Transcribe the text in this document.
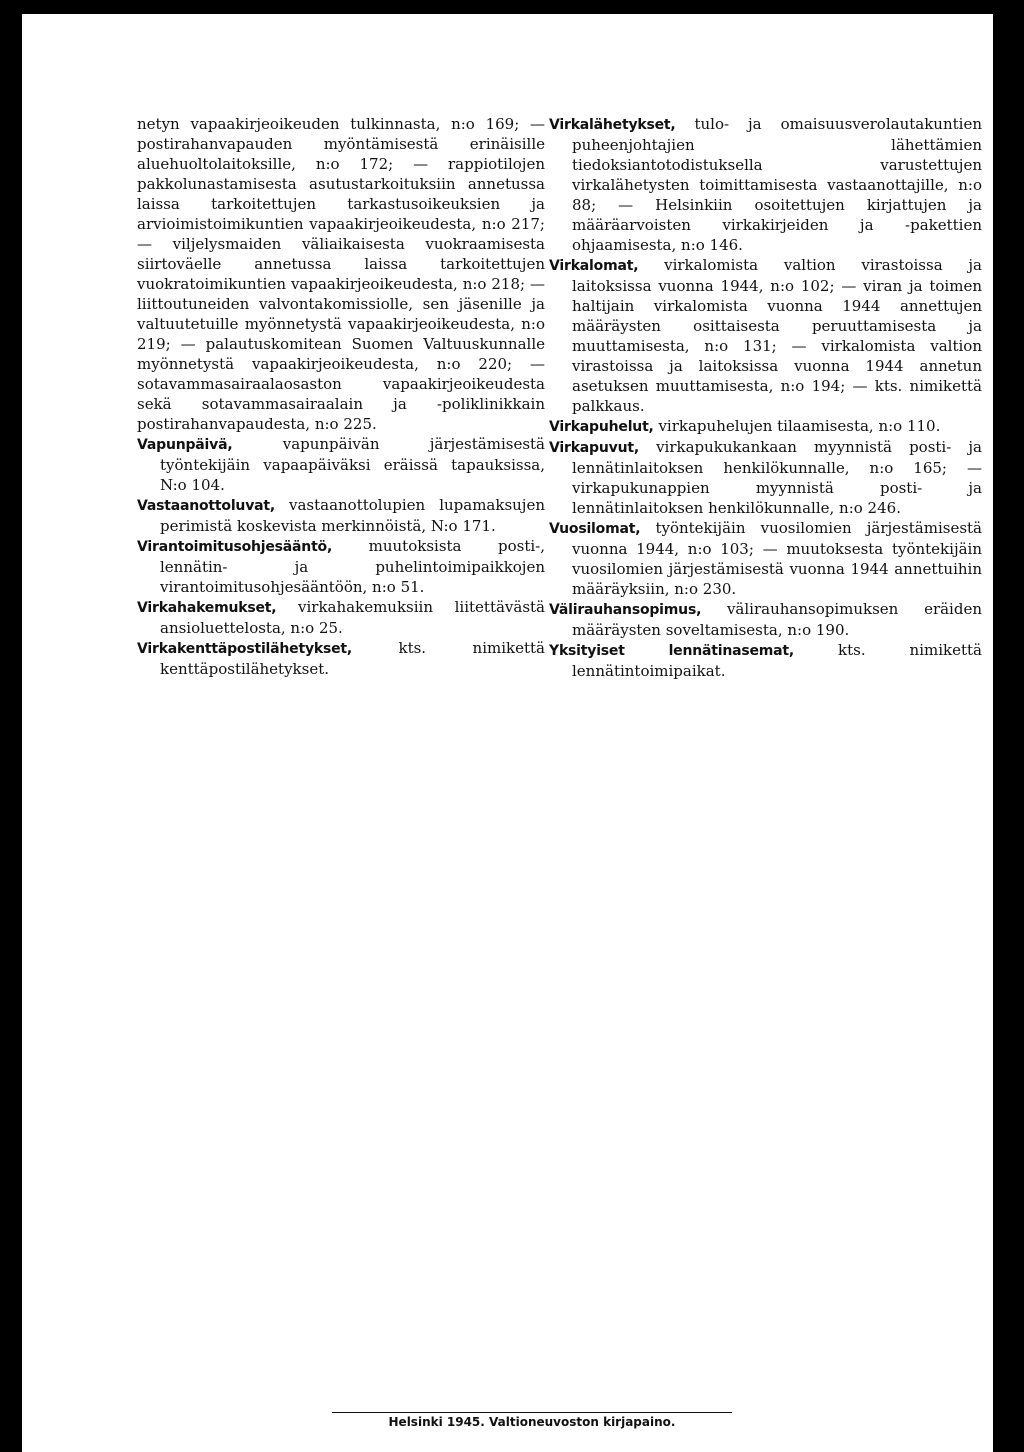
netyn vapaakirjeoikeuden tulkinnasta, n:o 169; — postirahanvapauden myöntämisestä erinäisille aluehuoltolaitoksille, n:o 172; — rappiotilojen pakkolunastamisesta asutustarkoituksiin annetussa laissa tarkoitettujen tarkastusoikeuksien ja arvioimistoimikuntien vapaakirjeoikeudesta, n:o 217; — viljelysmaiden väliaikaisesta vuokraamisesta siirtoväelle annetussa laissa tarkoitettujen vuokratoimikuntien vapaakirjeoikeudesta, n:o 218; — liittoutuneiden valvontakomissiolle, sen jäsenille ja valtuutetuille myönnetystä vapaakirjeoikeudesta, n:o 219; — palautuskomitean Suomen Valtuuskunnalle myönnetystä vapaakirjeoikeudesta, n:o 220; — sotavammasairaalaosaston vapaakirjeoikeudesta sekä sotavammasairaalain ja -poliklinikkain postirahanvapaudesta, n:o 225.

Vapunpäivä, vapunpäivän järjestämisestä työntekijäin vapaapäiväksi eräissä tapauksissa, N:o 104.

Vastaanottoluvat, vastaanottolupien lupamaksujen perimistä koskevista merkinnöistä, N:o 171.

Virantoimitusohjesääntö, muutoksista posti-, lennätin- ja puhelintoimipaikkojen virantoimitusohjesääntöön, n:o 51.

Virkahakemukset, virkahakemuksiin liitettävästä ansioluettelosta, n:o 25.

Virkakenttäpostilähetykset, kts. nimikettä kenttäpostilähetykset.

Virkalähetykset, tulo- ja omaisuusverolautakuntien puheenjohtajien lähettämien tiedoksiantotodistuksella varustettujen virkalähetysten toimittamisesta vastaanottajille, n:o 88; — Helsinkiin osoitettujen kirjattujen ja määräarvoisten virkakirjeiden ja -pakettien ohjaamisesta, n:o 146.

Virkalomat, virkalomista valtion virastoissa ja laitoksissa vuonna 1944, n:o 102; — viran ja toimen haltijain virkalomista vuonna 1944 annettujen määräysten osittaisesta peruuttamisesta ja muuttamisesta, n:o 131; — virkalomista valtion virastoissa ja laitoksissa vuonna 1944 annetun asetuksen muuttamisesta, n:o 194; — kts. nimikettä palkkaus.

Virkapuhelut, virkapuhelujen tilaamisesta, n:o 110.

Virkapuvut, virkapukukankaan myynnistä posti- ja lennätinlaitoksen henkilökunnalle, n:o 165; — virkapukunappien myynnistä posti- ja lennätinlaitoksen henkilökunnalle, n:o 246.

Vuosilomat, työntekijäin vuosilomien järjestämisestä vuonna 1944, n:o 103; — muutoksesta työntekijäin vuosilomien järjestämisestä vuonna 1944 annettuihin määräyksiin, n:o 230.

Välirauhansopimus, välirauhansopimuksen eräiden määräysten soveltamisesta, n:o 190.

Yksityiset lennätinasemat, kts. nimikettä lennätintoimipaikat.

Helsinki 1945. Valtioneuvoston kirjapaino.
